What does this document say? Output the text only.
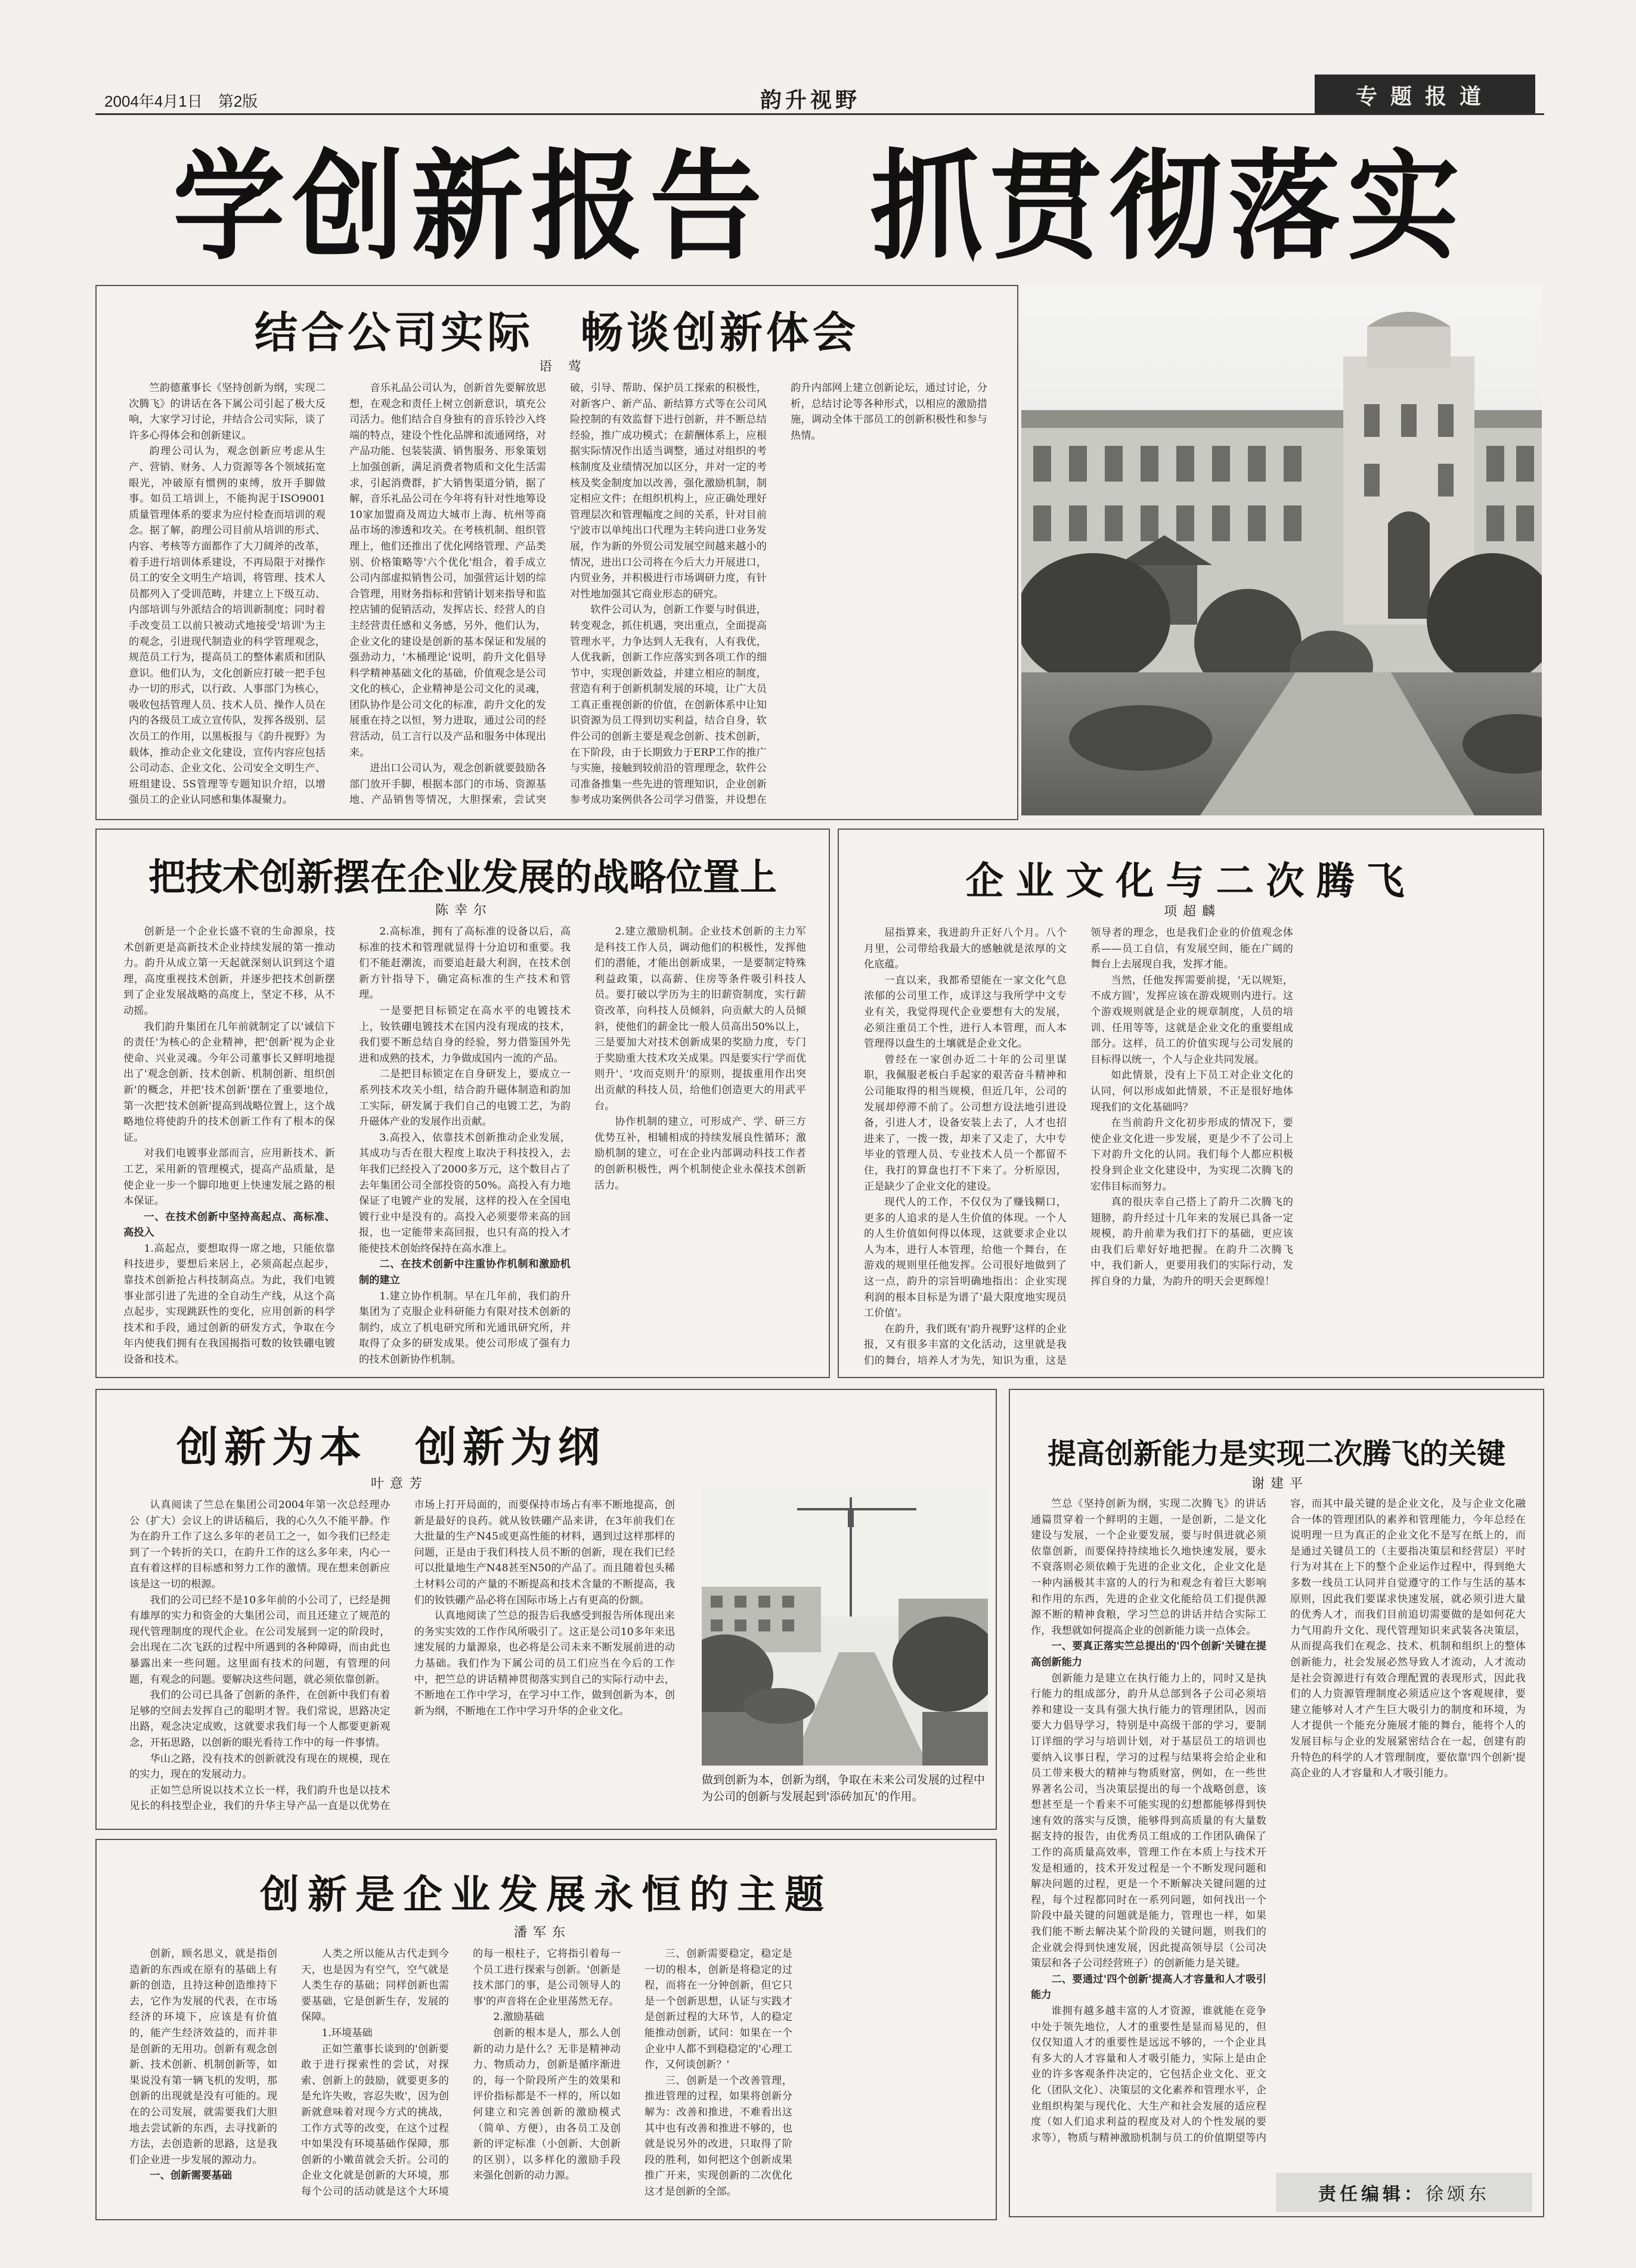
2004年4月1日　第2版	韵升视野	专题报道
学创新报告 抓贯彻落实
结合公司实际　畅谈创新体会
语 莺

竺韵德董事长《坚持创新为纲，实现二次腾飞》的讲话在各下属公司引起了极大反响，大家学习讨论，并结合公司实际，谈了许多心得体会和创新建议。

韵理公司认为，观念创新应考虑从生产、营销、财务、人力资源等各个领域拓宽眼光，冲破原有惯例的束缚，放开手脚做事。如员工培训上，不能拘泥于ISO9001质量管理体系的要求为应付检查而培训的观念。据了解，韵理公司目前从培训的形式、内容、考核等方面都作了大刀阔斧的改革，着手进行培训体系建设，不再局限于对操作员工的安全文明生产培训，将管理、技术人员都列入了受训范畴，并建立上下级互动、内部培训与外派结合的培训新制度；同时着手改变员工以前只被动式地接受'培训'为主的观念，引进现代制造业的科学管理观念，规范员工行为，提高员工的整体素质和团队意识。他们认为，文化创新应打破一把手包办一切的形式，以行政、人事部门为核心，吸收包括管理人员、技术人员、操作人员在内的各级员工成立宣传队，发挥各级别、层次员工的作用，以黑板报与《韵升视野》为载体，推动企业文化建设，宣传内容应包括公司动态、企业文化、公司安全文明生产、班组建设、5S管理等专题知识介绍，以增强员工的企业认同感和集体凝聚力。

音乐礼品公司认为，创新首先要解放思想，在观念和责任上树立创新意识，填充公司活力。他们结合自身独有的音乐铃沙入终端的特点，建设个性化品牌和流通网络，对产品功能、包装装潢、销售服务、形象策划上加强创新，满足消费者物质和文化生活需求，引起消费群，扩大销售渠道分销，据了解，音乐礼品公司在今年将有针对性地筹设10家加盟商及周边大城市上海、杭州等商品市场的渗透和攻关。在考核机制、组织管理上，他们还推出了优化网络管理、产品类别、价格策略等'六个优化'组合，着手成立公司内部虚拟销售公司，加强营运计划的综合管理，用财务指标和营销计划来指导和监控店铺的促销活动，发挥店长、经营人的自主经营责任感和义务感，另外，他们认为，企业文化的建设是创新的基本保证和发展的强劲动力，'木桶理论'说明，韵升文化倡导科学精神基础文化的基础，价值观念是公司文化的核心，企业精神是公司文化的灵魂，团队协作是公司文化的标准，韵升文化的发展重在持之以恒，努力进取，通过公司的经营活动，员工言行以及产品和服务中体现出来。

进出口公司认为，观念创新就要鼓励各部门放开手脚，根据本部门的市场、资源基地、产品销售等情况，大胆探索，尝试突破，引导、帮助、保护员工探索的积极性，对新客户、新产品、新结算方式等在公司风险控制的有效监督下进行创新，并不断总结经验，推广成功模式；在薪酬体系上，应根据实际情况作出适当调整，通过对组织的考核制度及业绩情况加以区分，并对一定的考核及奖金制度加以改善，强化激励机制，制定相应文件；在组织机构上，应正确处理好管理层次和管理幅度之间的关系，针对目前宁波市以单纯出口代理为主转向进口业务发展，作为新的外贸公司发展空间越来越小的情况，进出口公司将在今后大力开展进口，内贸业务，并积极进行市场调研力度，有针对性地加强其它商业形态的研究。

软件公司认为，创新工作要与时俱进，转变观念，抓住机遇，突出重点，全面提高管理水平，力争达到人无我有，人有我优，人优我新，创新工作应落实到各项工作的细节中，实现创新效益，并建立相应的制度，营造有利于创新机制发展的环境，让广大员工真正重视创新的价值，在创新体系中让知识资源为员工得到切实利益，结合自身，软件公司的创新主要是观念创新、技术创新，在下阶段，由于长期致力于ERP工作的推广与实施，接触到较前沿的管理理念，软件公司准备推集一些先进的管理知识，企业创新参考成功案例供各公司学习借鉴，并设想在韵升内部网上建立创新论坛，通过讨论，分析，总结讨论等各种形式，以相应的激励措施，调动全体干部员工的创新积极性和参与热情。

把技术创新摆在企业发展的战略位置上
陈幸尔

创新是一个企业长盛不衰的生命源泉，技术创新更是高新技术企业持续发展的第一推动力。韵升从成立第一天起就深刻认识到这个道理，高度重视技术创新，并逐步把技术创新摆到了企业发展战略的高度上，坚定不移，从不动摇。

我们韵升集团在几年前就制定了以'诚信下的责任'为核心的企业精神，把'创新'视为企业使命、兴业灵魂。今年公司董事长又鲜明地提出了'观念创新、技术创新、机制创新、组织创新'的概念，并把'技术创新'摆在了重要地位，第一次把'技术创新'提高到战略位置上，这个战略地位将使韵升的技术创新工作有了根本的保证。

对我们电镀事业部而言，应用新技术、新工艺，采用新的管理模式，提高产品质量，是使企业一步一个脚印地更上快速发展之路的根本保证。

一、在技术创新中坚持高起点、高标准、高投入

1.高起点，要想取得一席之地，只能依靠科技进步，要想后来居上，必须高起点起步，靠技术创新抢占科技制高点。为此，我们电镀事业部引进了先进的全自动生产线，从这个高点起步，实现跳跃性的变化，应用创新的科学技术和手段，通过创新的研发方式，争取在今年内使我们拥有在我国揭指可数的钕铁硼电镀设备和技术。

2.高标准，拥有了高标准的设备以后，高标准的技术和管理就显得十分迫切和重要。我们不能赶潮流，而要追赶最大利润，在技术创新方针指导下，确定高标准的生产技术和管理。

一是要把目标锁定在高水平的电镀技术上，钕铁硼电镀技术在国内没有现成的技术，我们要不断总结自身的经验，努力借鉴国外先进和成熟的技术，力争做成国内一流的产品。

二是把目标锁定在自身研发上，要成立一系列技术攻关小组，结合韵升磁体制造和韵加工实际，研发属于我们自己的电镀工艺，为韵升磁体产业的发展作出贡献。

3.高投入，依靠技术创新推动企业发展，其成功与否在很大程度上取决于科技投入，去年我们已经投入了2000多万元，这个数目占了去年集团公司全部投资的50%。高投入有力地保证了电镀产业的发展，这样的投入在全国电镀行业中是没有的。高投入必须要带来高的回报，也一定能带来高回报，也只有高的投入才能使技术创始终保持在高水准上。

二、在技术创新中注重协作机制和激励机制的建立

1.建立协作机制。早在几年前，我们韵升集团为了克服企业科研能力有限对技术创新的制约，成立了机电研究所和光通讯研究所，并取得了众多的研发成果。使公司形成了强有力的技术创新协作机制。

2.建立激励机制。企业技术创新的主力军是科技工作人员，调动他们的积极性，发挥他们的潜能，才能出创新成果，一是要制定特殊利益政策，以高薪、住房等条件吸引科技人员。要打破以学历为主的旧薪资制度，实行薪资改革，向科技人员倾斜，向贡献大的人员倾斜，使他们的薪金比一般人员高出50%以上，三是要加大对技术创新成果的奖励力度，专门于奖励重大技术攻关成果。四是要实行'学而优则升'、'攻而克则升'的原则，提拔重用作出突出贡献的科技人员，给他们创造更大的用武平台。

协作机制的建立，可形成产、学、研三方优势互补，相辅相成的持续发展良性循环；激励机制的建立，可在企业内部调动科技工作者的创新积极性，两个机制使企业永葆技术创新活力。

企业文化与二次腾飞
项超麟

屈指算来，我进韵升正好八个月。八个月里，公司带给我最大的感触就是浓厚的文化底蕴。

一直以来，我都希望能在一家文化气息浓郁的公司里工作，成详这与我所学中文专业有关，我觉得现代企业要想有大的发展，必须注重员工个性，进行人本管理，而人本管理得以盘生的土壤就是企业文化。

曾经在一家创办近二十年的公司里谋职，我佩服老板白手起家的艰苦奋斗精神和公司能取得的相当规模，但近几年，公司的发展却停滞不前了。公司想方设法地引进设备，引进人才，设备安装上去了，人才也招进来了，一拨一拨，却来了又走了，大中专毕业的管理人员、专业技术人员一个都留不住，我打的算盘也打不下来了。分析原因，正是缺少了企业文化的建设。

现代人的工作，不仅仅为了赚钱糊口，更多的人追求的是人生价值的体现。一个人的人生价值如何得以体现，这就要求企业以人为本，进行人本管理，给他一个舞台，在游戏的规则里任他发挥。公司很好地做到了这一点，韵升的宗旨明确地指出：企业实现利润的根本目标是为谱了'最大限度地实现员工价值'。

在韵升，我们既有'韵升视野'这样的企业报，又有很多丰富的文化活动，这里就是我们的舞台，培养人才为先，知识为重，这是领导者的理念，也是我们企业的价值观念体系——员工自信，有发展空间，能在广阔的舞台上去展现自我，发挥才能。

当然，任他发挥需要前提，'无以规矩，不成方圆'，发挥应该在游戏规则内进行。这个游戏规则就是企业的规章制度，人员的培训、任用等等，这就是企业文化的重要组成部分。这样，员工的价值实现与公司发展的目标得以统一，个人与企业共同发展。

如此情景，没有上下员工对企业文化的认同，何以形成如此情景，不正是很好地体现我们的文化基础吗？

在当前韵升文化初步形成的情况下，要使企业文化进一步发展，更是少不了公司上下对韵升文化的认同。我们每个人都应积极投身到企业文化建设中，为实现二次腾飞的宏伟目标而努力。

真的很庆幸自己搭上了韵升二次腾飞的翅膀，韵升经过十几年来的发展已具备一定规模，韵升前辈为我们打下的基础，更应该由我们后辈好好地把握。在韵升二次腾飞中，我们新人，更要用我们的实际行动，发挥自身的力量，为韵升的明天会更辉煌！

创新为本　创新为纲
叶意芳

认真阅读了竺总在集团公司2004年第一次总经理办公（扩大）会议上的讲话稿后，我的心久久不能平静。作为在韵升工作了这么多年的老员工之一，如今我们已经走到了一个转折的关口，在韵升工作的这么多年来，内心一直有着这样的目标感和努力工作的激情。现在想来创新应该是这一切的根源。

我们的公司已经不是10多年前的小公司了，已经是拥有雄厚的实力和资金的大集团公司，而且还建立了规范的现代管理制度的现代企业。在公司发展到一定的阶段时，会出现在二次飞跃的过程中所遇到的各种障碍，而由此也暴露出来一些问题。这里面有技术的问题，有管理的问题，有观念的问题。要解决这些问题，就必须依靠创新。

我们的公司已具备了创新的条件，在创新中我们有着足够的空间去发挥自己的聪明才智。我们常说，思路决定出路，观念决定成败，这就要求我们每一个人都要更新观念，开拓思路，以创新的眼光看待工作中的每一件事情。

华山之路，没有技术的创新就没有现在的规模，现在的实力，现在的发展动力。

正如竺总所说以技术立长一样，我们韵升也是以技术见长的科技型企业，我们的升华主导产品一直是以优势在市场上打开局面的，而要保持市场占有率不断地提高，创新是最好的良药。就从钕铁硼产品来讲，在3年前我们在大批量的生产N45或更高性能的材料，遇到过这样那样的问题，正是由于我们科技人员不断的创新，现在我们已经可以批量地生产N48甚至N50的产品了。而且随着包头稀土材料公司的产量的不断提高和技术含量的不断提高，我们的钕铁硼产品必将在国际市场上占有更高的份额。

认真地阅读了竺总的报告后我感受到报告所体现出来的务实实效的工作作风所吸引了。这正是公司10多年来迅速发展的力量源泉，也必将是公司未来不断发展前进的动力基础。我们作为下属公司的员工们应当在今后的工作中，把竺总的讲话精神贯彻落实到自己的实际行动中去，不断地在工作中学习，在学习中工作，做到创新为本，创新为纲，不断地在工作中学习升华的企业文化。

做到创新为本，创新为纲，争取在未来公司发展的过程中为公司的创新与发展起到'添砖加瓦'的作用。
提高创新能力是实现二次腾飞的关键
谢建平

竺总《坚持创新为纲，实现二次腾飞》的讲话通篇贯穿着一个鲜明的主题，一是创新，二是文化建设与发展，一个企业要发展，要与时俱进就必须依靠创新，而要保持持续地长久地快速发展，要永不衰落则必须依赖于先进的企业文化，企业文化是一种内涵极其丰富的人的行为和观念有着巨大影响和作用的东西，先进的企业文化能给员工们提供源源不断的精神食粮，学习竺总的讲话并结合实际工作，我想就如何提高企业的创新能力谈一点体会。

一、要真正落实竺总提出的'四个创新'关键在提高创新能力

创新能力是建立在执行能力上的，同时又是执行能力的组成部分，韵升从总部到各子公司必须培养和建设一支具有强大执行能力的管理团队，因而要大力倡导学习，特别是中高级干部的学习，要制订详细的学习与培训计划，对于基层员工的培训也要纳入议事日程，学习的过程与结果将会给企业和员工带来极大的精神与物质财富，例如，在一些世界著名公司，当决策层提出的每一个战略创意，该想甚至是一个看来不可能实现的幻想都能够得到快速有效的落实与反馈，能够得到高质量的有大量数据支持的报告，由优秀员工组成的工作团队确保了工作的高质量高效率，管理工作在本质上与技术开发是相通的，技术开发过程是一个不断发现问题和解决问题的过程，更是一个不断解决关键问题的过程，每个过程都同时在一系列问题，如何找出一个阶段中最关键的问题就是能力，管理也一样，如果我们能不断去解决某个阶段的关键问题，则我们的企业就会得到快速发展，因此提高领导层（公司决策层和各子公司经营班子）的创新能力是关键。

二、要通过'四个创新'提高人才容量和人才吸引能力

谁拥有越多越丰富的人才资源，谁就能在竞争中处于领先地位，人才的重要性是显而易见的，但仅仅知道人才的重要性是远远不够的，一个企业具有多大的人才容量和人才吸引能力，实际上是由企业的许多客观条件决定的，它包括企业文化、亚文化（团队文化）、决策层的文化素养和管理水平，企业组织构架与现代化、大生产和社会发展的适应程度（如人们追求利益的程度及对人的个性发展的要求等），物质与精神激励机制与员工的价值期望等内容，而其中最关键的是企业文化，及与企业文化融合一体的管理团队的素养和管理能力，今年总经在说明理一旦为真正的企业文化不是写在纸上的，而是通过关键员工的（主要指决策层和经营层）平时行为对其在上下的整个企业运作过程中，得到绝大多数一线员工认同并自觉遵守的工作与生活的基本原则，因此我们要谋求快速发展，就必须引进大量的优秀人才，而我们目前追切需要做的是如何花大力气用韵升文化、现代管理知识来武装各决策层，从而提高我们在观念、技术、机制和组织上的整体创新能力，社会发展必然导致人才流动，人才流动是社会资源进行有效合理配置的表现形式，因此我们的人力资源管理制度必须适应这个客观规律，要建立能够对人才产生巨大吸引力的制度和环境，为人才提供一个能充分施展才能的舞台，能将个人的发展目标与企业的发展紧密结合在一起，创建有韵升特色的科学的人才管理制度，要依靠'四个创新'提高企业的人才容量和人才吸引能力。

创新是企业发展永恒的主题
潘军东

创新，顾名思义，就是指创造新的东西或在原有的基础上有新的创造，且持这种创造维持下去，它作为发展的代表，在市场经济的环境下，应该是有价值的，能产生经济效益的，而并非是创新的无用功。创新有观念创新、技术创新、机制创新等，如果说没有第一辆飞机的发明，那创新的出现就是没有可能的。现在的公司发展，就需要我们大胆地去尝试新的东西，去寻找新的方法，去创造新的思路，这是我们企业进一步发展的源动力。

一、创新需要基础

人类之所以能从古代走到今天，也是因为有空气，空气就是人类生存的基础；同样创新也需要基础，它是创新生存，发展的保障。

1.环境基础

正如竺董事长谈到的'创新要敢于进行探索性的尝试，对探索、创新上的鼓励，就要更多的是允许失败，容忍失败'，因为创新就意味着对现今方式的挑战，工作方式等的改变，在这个过程中如果没有环境基础作保障，那创新的小嫩苗就会夭折。公司的企业文化就是创新的大环境，那每个公司的活动就是这个大环境的每一根柱子，它将指引着每一个员工进行探索与创新。'创新是技术部门的事，是公司领导人的事'的声音将在企业里荡然无存。

2.激励基础

创新的根本是人，那么人创新的动力是什么？无非是精神动力、物质动力，创新是循序渐进的，每一个阶段所产生的效果和评价指标都是不一样的，所以如何建立和完善创新的激励模式（简单、方便），由各员工及创新的评定标准（小创新、大创新的区别），以多样化的激励手段来强化创新的动力源。

三、创新需要稳定，稳定是一切的根本，创新是将稳定的过程，而将在一分钟创新，但它只是一个创新思想，认证与实践才是创新过程的大环节，人的稳定能推动创新，试问：如果在一个企业中人都不到稳稳定的'心理工作，又何谈创新？'

三、创新是一个改善管理，推进管理的过程，如果将创新分解为：改善和推进，不难看出这其中也有改善和推进不够的，也就是说另外的改进，只取得了阶段的胜利，如何把这个创新成果推广开来，实现创新的二次优化这才是创新的全部。	责任编辑： 徐颂东
